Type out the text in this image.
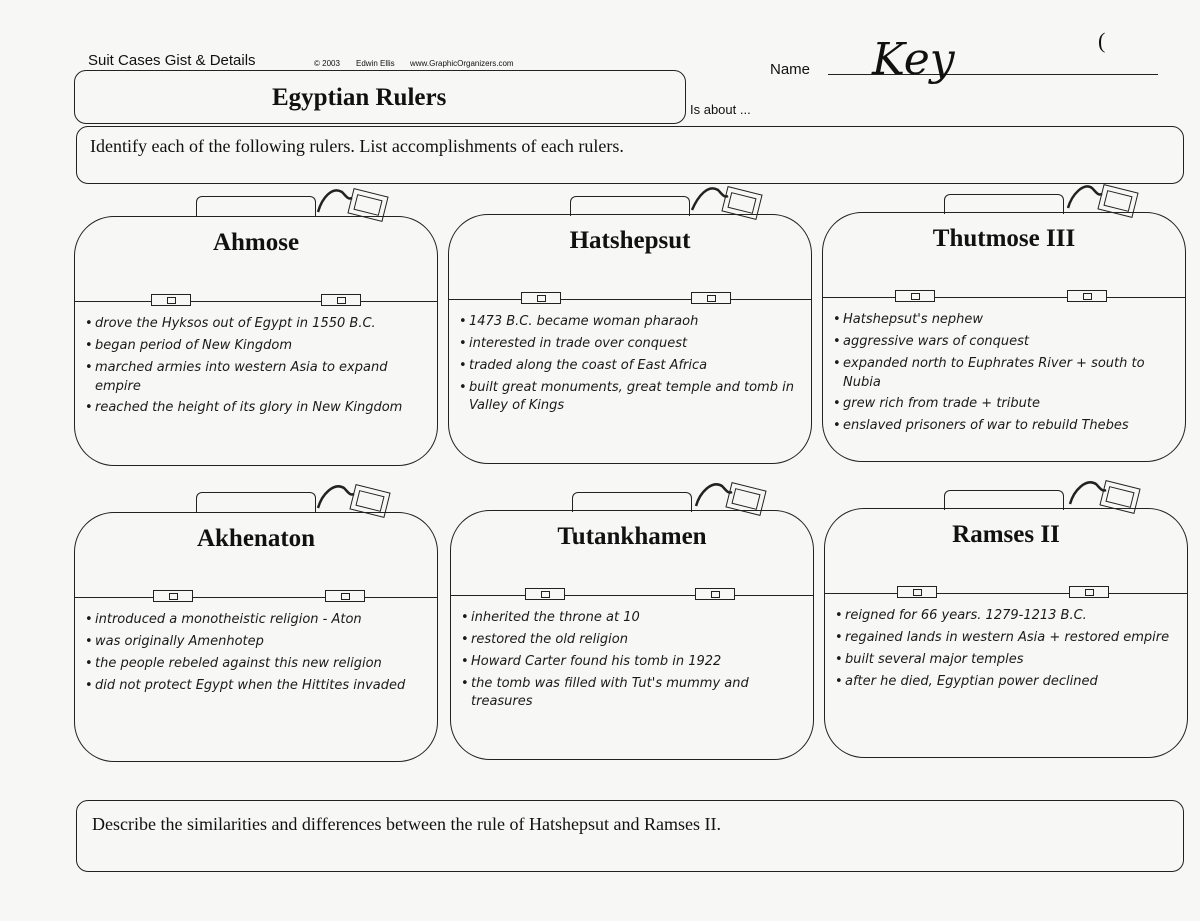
Suit Cases Gist & Details	© 2003 Edwin Ellis www.GraphicOrganizers.com	Name Key	(
Egyptian Rulers	Is about ...
Identify each of the following rulers. List accomplishments of each rulers.
Ahmose
• drove the Hyksos out of Egypt in 1550 B.C.
• began period of New Kingdom
• marched armies into western Asia to expand empire
• reached the height of its glory in New Kingdom
Hatshepsut
• 1473 B.C. became woman pharaoh
• interested in trade over conquest
• traded along the coast of East Africa
• built great monuments, great temple and tomb in Valley of Kings
Thutmose III
• Hatshepsut's nephew
• aggressive wars of conquest
• expanded north to Euphrates River + south to Nubia
• grew rich from trade + tribute
• enslaved prisoners of war to rebuild Thebes
Akhenaton
• introduced a monotheistic religion - Aton
• was originally Amenhotep
• the people rebeled against this new religion
• did not protect Egypt when the Hittites invaded
Tutankhamen
• inherited the throne at 10
• restored the old religion
• Howard Carter found his tomb in 1922
• the tomb was filled with Tut's mummy and treasures
Ramses II
• reigned for 66 years. 1279-1213 B.C.
• regained lands in western Asia + restored empire
• built several major temples
• after he died, Egyptian power declined
Describe the similarities and differences between the rule of Hatshepsut and Ramses II.
